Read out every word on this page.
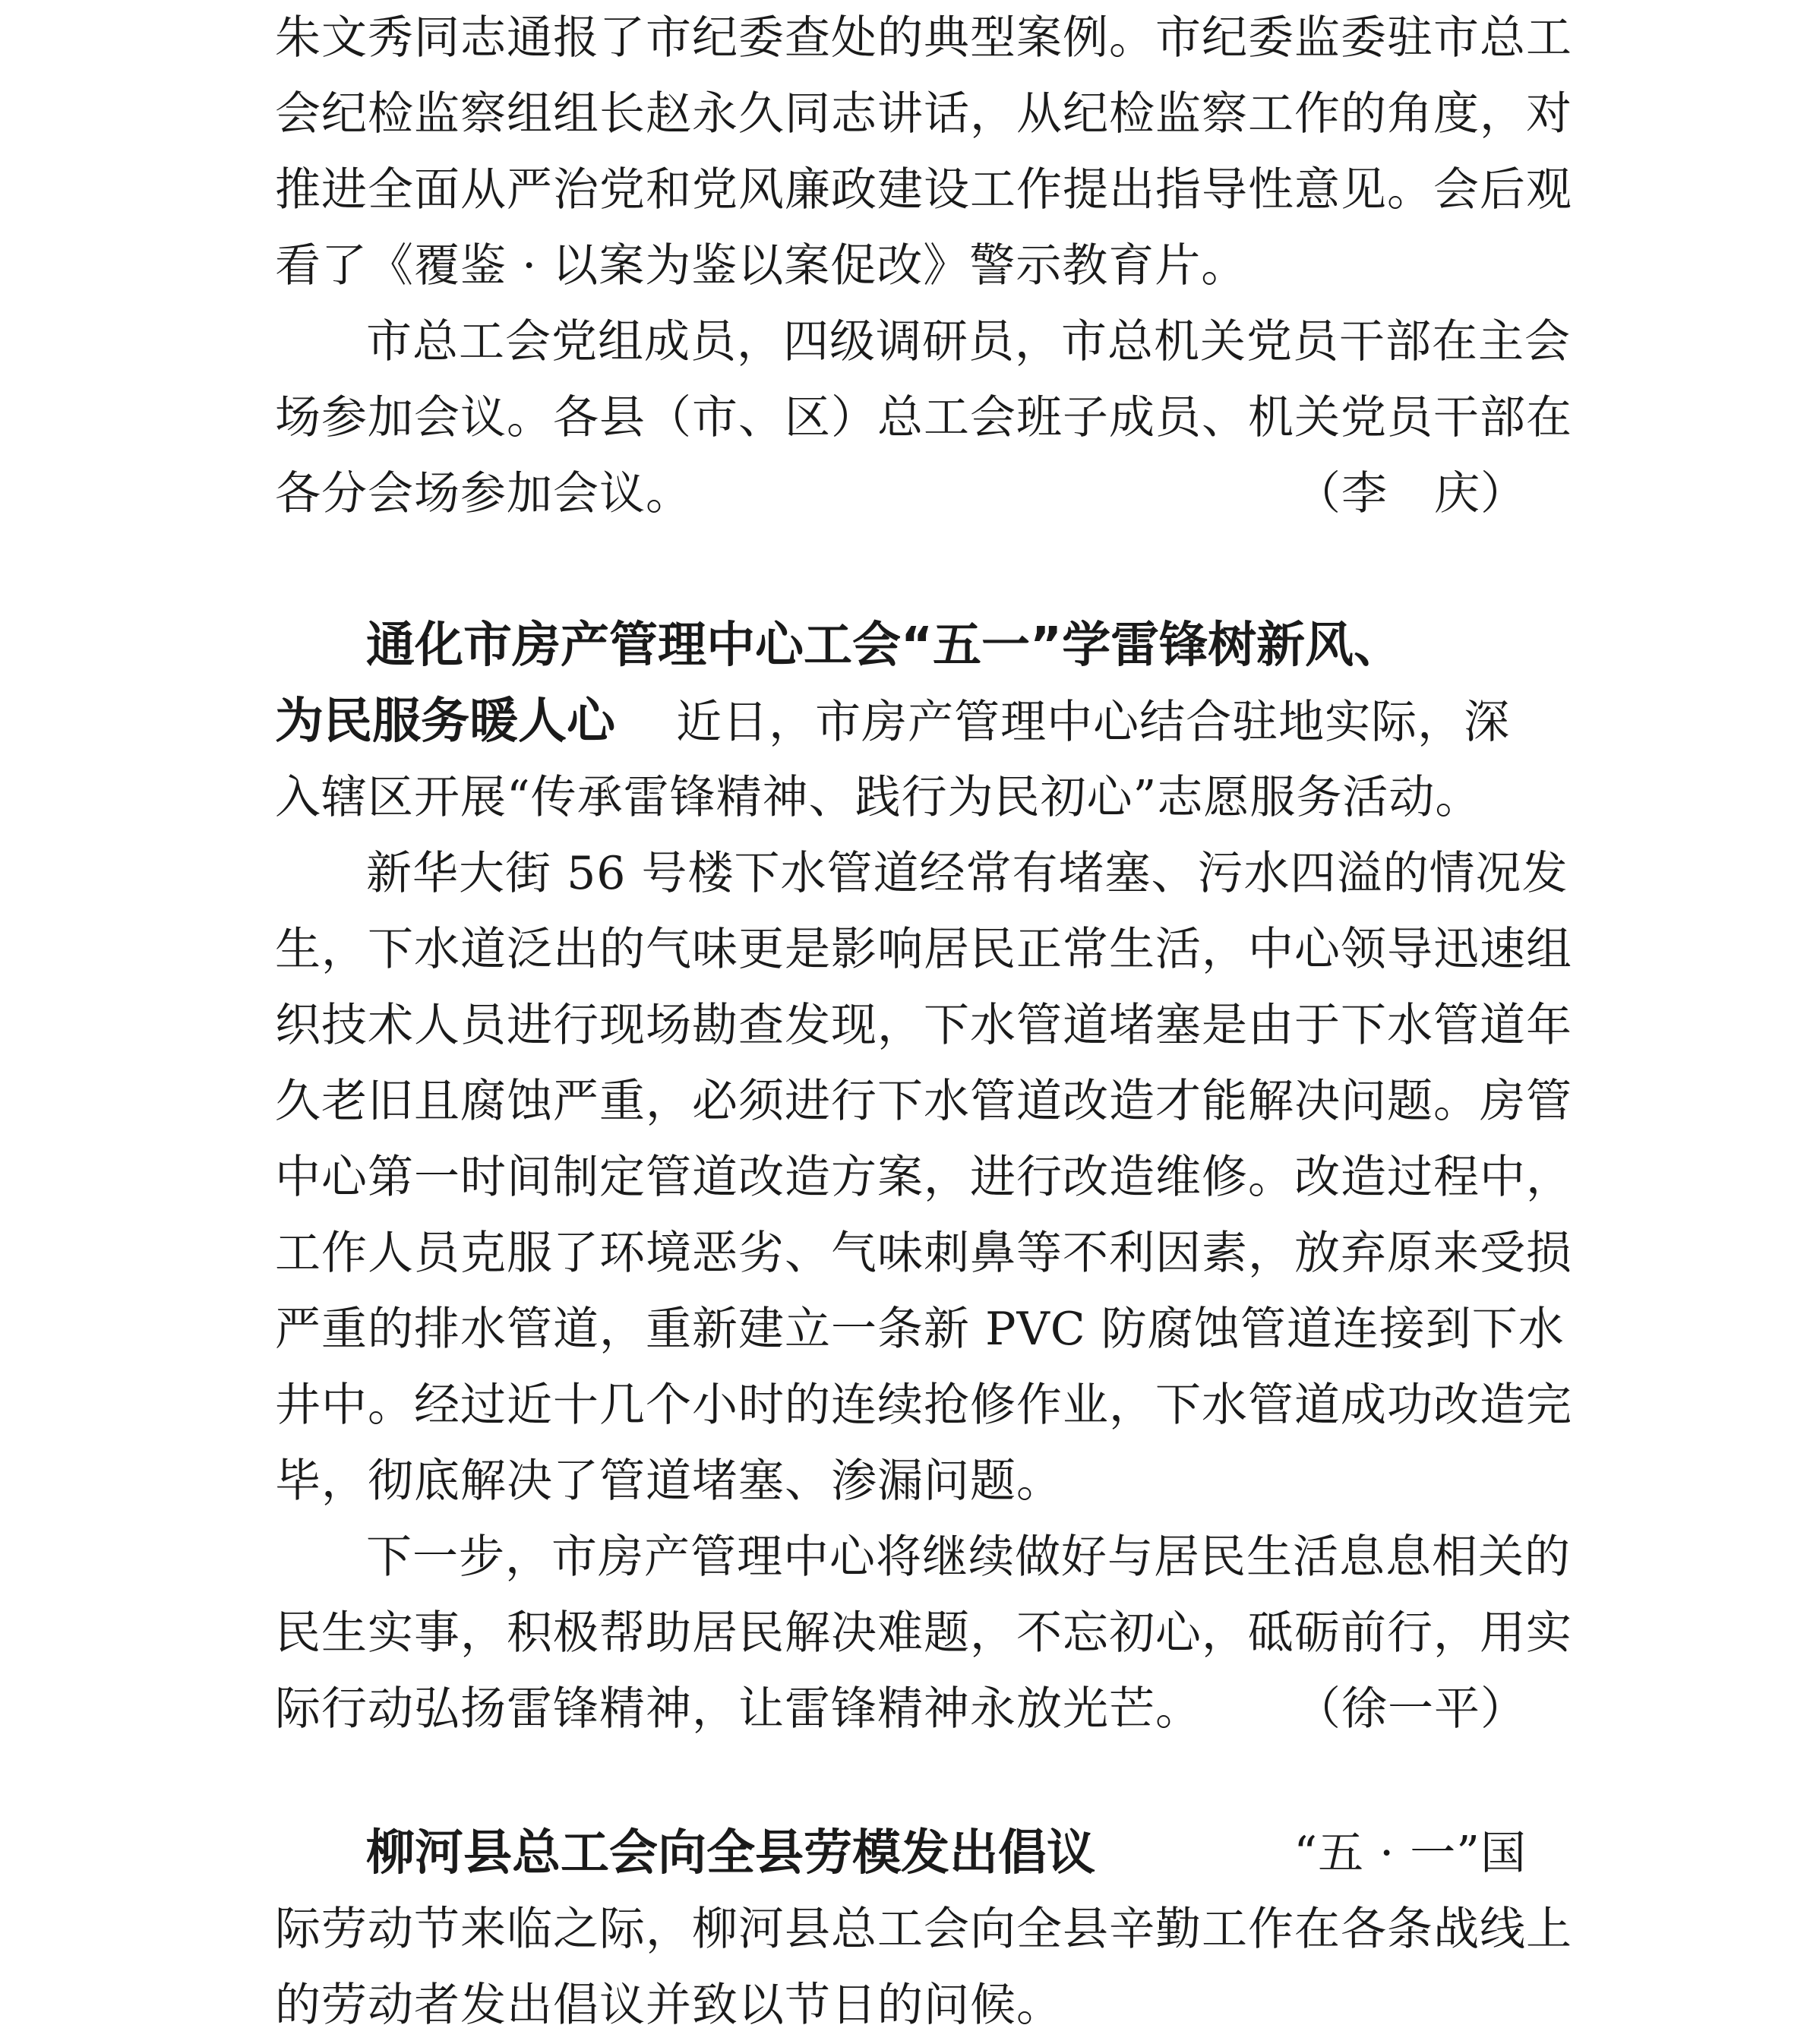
朱文秀同志通报了市纪委查处的典型案例。市纪委监委驻市总工
会纪检监察组组长赵永久同志讲话，从纪检监察工作的角度，对
推进全面从严治党和党风廉政建设工作提出指导性意见。会后观
看了《覆鉴 · 以案为鉴以案促改》警示教育片。
市总工会党组成员，四级调研员，市总机关党员干部在主会
场参加会议。各县（市、区）总工会班子成员、机关党员干部在
各分会场参加会议。	（李　庆）
通化市房产管理中心工会“五一”学雷锋树新风、
为民服务暖人心 近日，市房产管理中心结合驻地实际，深
入辖区开展“传承雷锋精神、践行为民初心”志愿服务活动。
新华大街 56 号楼下水管道经常有堵塞、污水四溢的情况发
生，下水道泛出的气味更是影响居民正常生活，中心领导迅速组
织技术人员进行现场勘查发现，下水管道堵塞是由于下水管道年
久老旧且腐蚀严重，必须进行下水管道改造才能解决问题。房管
中心第一时间制定管道改造方案，进行改造维修。改造过程中，
工作人员克服了环境恶劣、气味刺鼻等不利因素，放弃原来受损
严重的排水管道，重新建立一条新 PVC 防腐蚀管道连接到下水
井中。经过近十几个小时的连续抢修作业，下水管道成功改造完
毕，彻底解决了管道堵塞、渗漏问题。
下一步，市房产管理中心将继续做好与居民生活息息相关的
民生实事，积极帮助居民解决难题，不忘初心，砥砺前行，用实
际行动弘扬雷锋精神，让雷锋精神永放光芒。 （徐一平）
柳河县总工会向全县劳模发出倡议	“五 · 一”国
际劳动节来临之际，柳河县总工会向全县辛勤工作在各条战线上
的劳动者发出倡议并致以节日的问候。
